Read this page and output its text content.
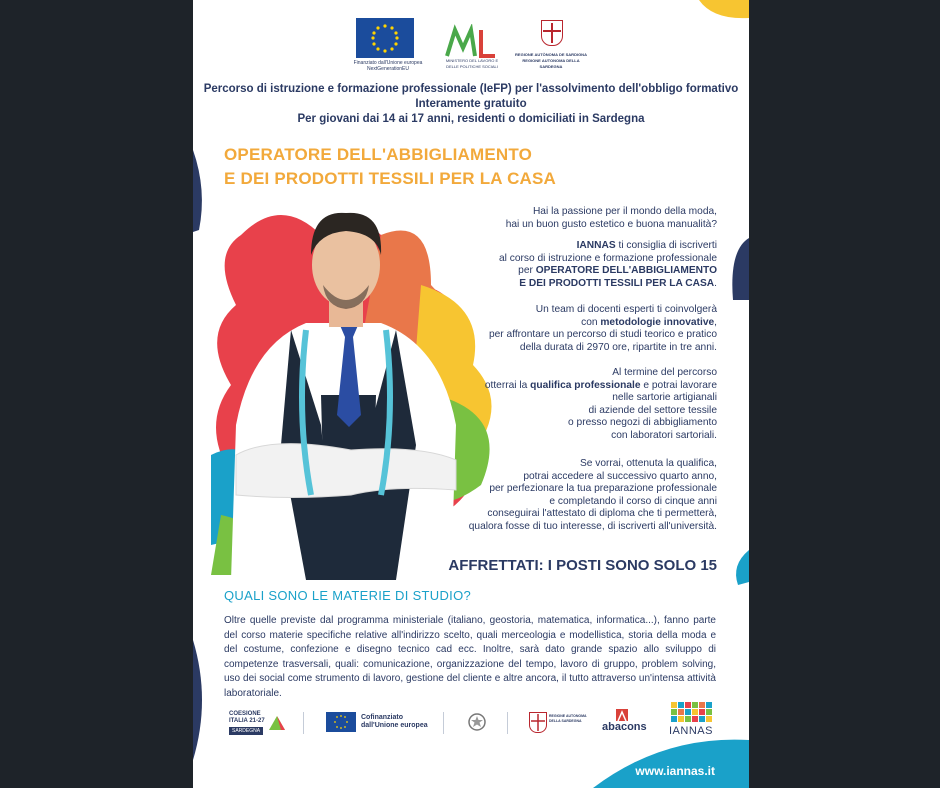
Finanziato dall'Unione europea
NextGenerationEU
MINISTERO DEL LAVORO E DELLE POLITICHE SOCIALI
REGIONE AUTÒNOMA DE SARDIGNA
REGIONE AUTONOMA DELLA SARDEGNA
Percorso di istruzione e formazione professionale (IeFP) per l'assolvimento dell'obbligo formativo
Interamente gratuito
Per giovani dai 14 ai 17 anni, residenti o domiciliati in Sardegna
OPERATORE DELL'ABBIGLIAMENTO
E DEI PRODOTTI TESSILI PER LA CASA
Hai la passione per il mondo della moda,
hai un buon gusto estetico e buona manualità?
IANNAS ti consiglia di iscriverti
al corso di istruzione e formazione professionale
per OPERATORE DELL'ABBIGLIAMENTO
E DEI PRODOTTI TESSILI PER LA CASA.
Un team di docenti esperti ti coinvolgerà
con metodologie innovative,
per affrontare un percorso di studi teorico e pratico
della durata di 2970 ore, ripartite in tre anni.
Al termine del percorso
otterrai la qualifica professionale e potrai lavorare
nelle sartorie artigianali
di aziende del settore tessile
o presso negozi di abbigliamento
con laboratori sartoriali.
Se vorrai, ottenuta la qualifica,
potrai accedere al successivo quarto anno,
per perfezionare la tua preparazione professionale
e completando il corso di cinque anni
conseguirai l'attestato di diploma che ti permetterà,
qualora fosse di tuo interesse, di iscriverti all'università.
AFFRETTATI: I POSTI SONO SOLO 15
QUALI SONO LE MATERIE DI STUDIO?
Oltre quelle previste dal programma ministeriale (italiano, geostoria, matematica, informatica...), fanno parte del corso materie specifiche relative all'indirizzo scelto, quali merceologia e modellistica, storia della moda e del costume, confezione e disegno tecnico cad ecc. Inoltre, sarà dato grande spazio allo sviluppo di competenze trasversali, quali: comunicazione, organizzazione del tempo, lavoro di gruppo, problem solving, uso dei social come strumento di lavoro, gestione del cliente e altre ancora, il tutto attraverso un'intensa attività laboratoriale.
COESIONE
ITALIA 21-27
SARDEGNA
Cofinanziato
dall'Unione europea
REGIONE AUTONOMA DELLA SARDEGNA
abacons IANNAS
www.iannas.it
